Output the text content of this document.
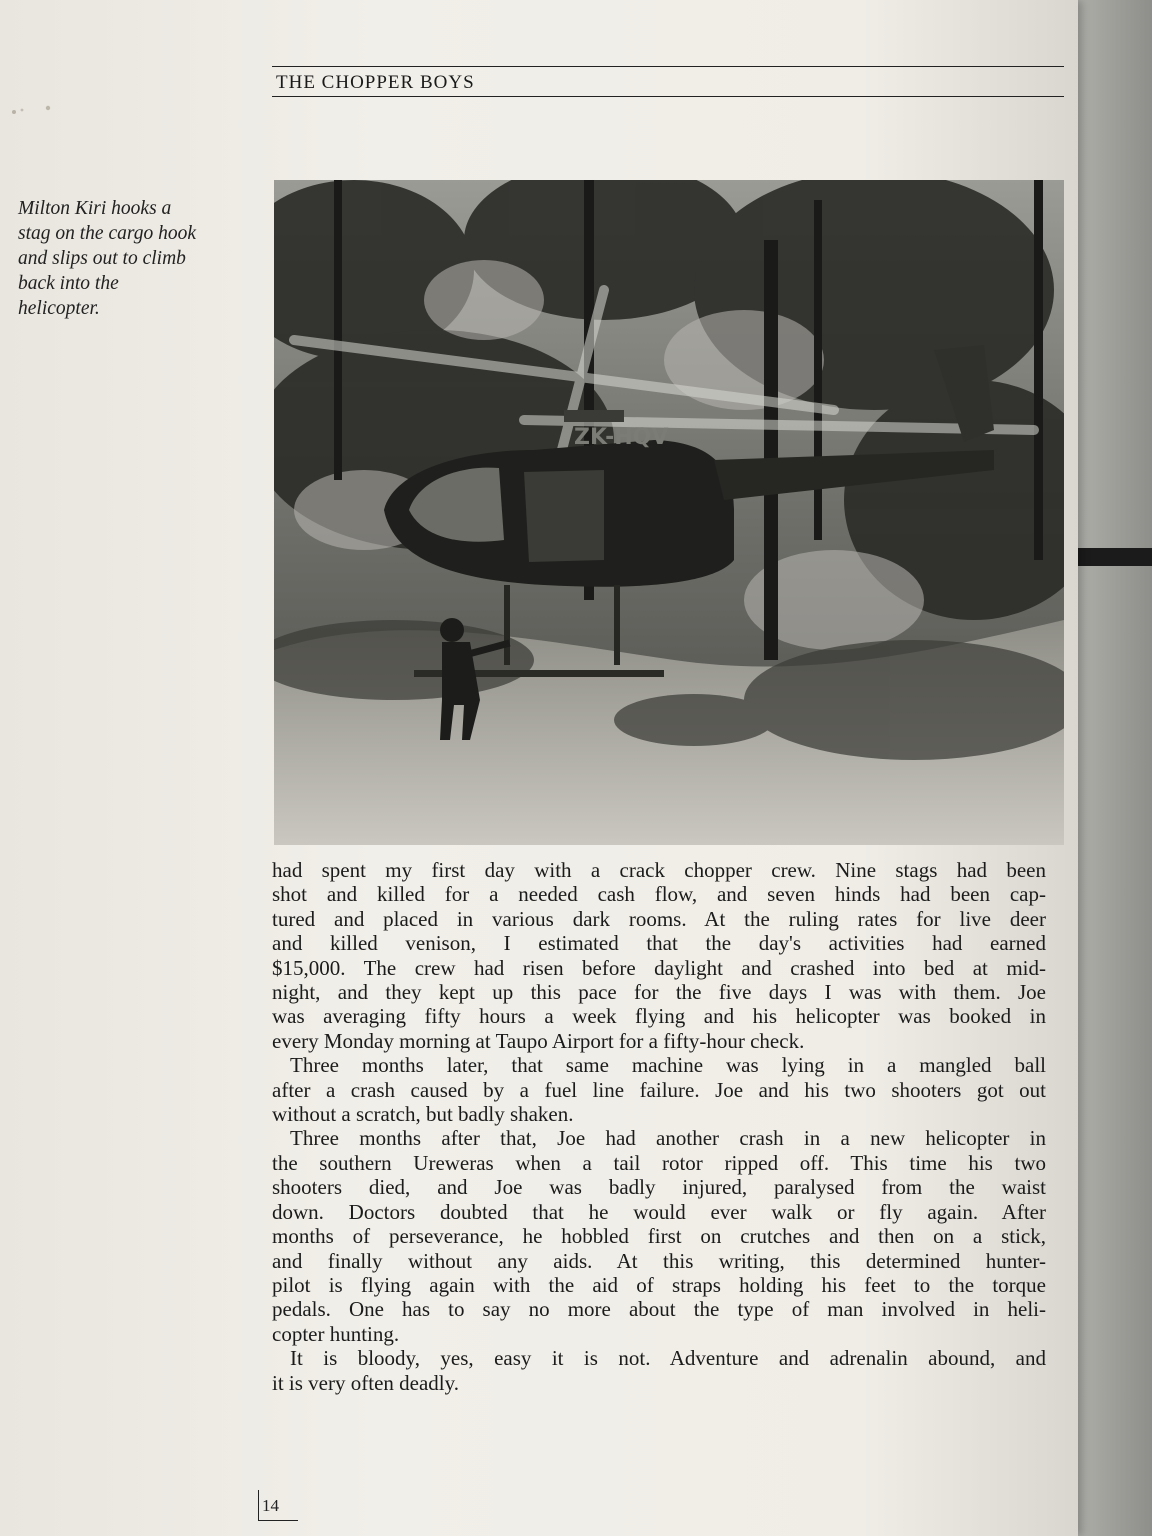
THE CHOPPER BOYS
Milton Kiri hooks a
stag on the cargo hook
and slips out to climb
back into the
helicopter.
ZK-HQV
had spent my first day with a crack chopper crew. Nine stags had been
shot and killed for a needed cash flow, and seven hinds had been cap-
tured and placed in various dark rooms. At the ruling rates for live deer
and killed venison, I estimated that the day's activities had earned
$15,000. The crew had risen before daylight and crashed into bed at mid-
night, and they kept up this pace for the five days I was with them. Joe
was averaging fifty hours a week flying and his helicopter was booked in
every Monday morning at Taupo Airport for a fifty-hour check.
Three months later, that same machine was lying in a mangled ball
after a crash caused by a fuel line failure. Joe and his two shooters got out
without a scratch, but badly shaken.
Three months after that, Joe had another crash in a new helicopter in
the southern Ureweras when a tail rotor ripped off. This time his two
shooters died, and Joe was badly injured, paralysed from the waist
down. Doctors doubted that he would ever walk or fly again. After
months of perseverance, he hobbled first on crutches and then on a stick,
and finally without any aids. At this writing, this determined hunter-
pilot is flying again with the aid of straps holding his feet to the torque
pedals. One has to say no more about the type of man involved in heli-
copter hunting.
It is bloody, yes, easy it is not. Adventure and adrenalin abound, and
it is very often deadly.
14
